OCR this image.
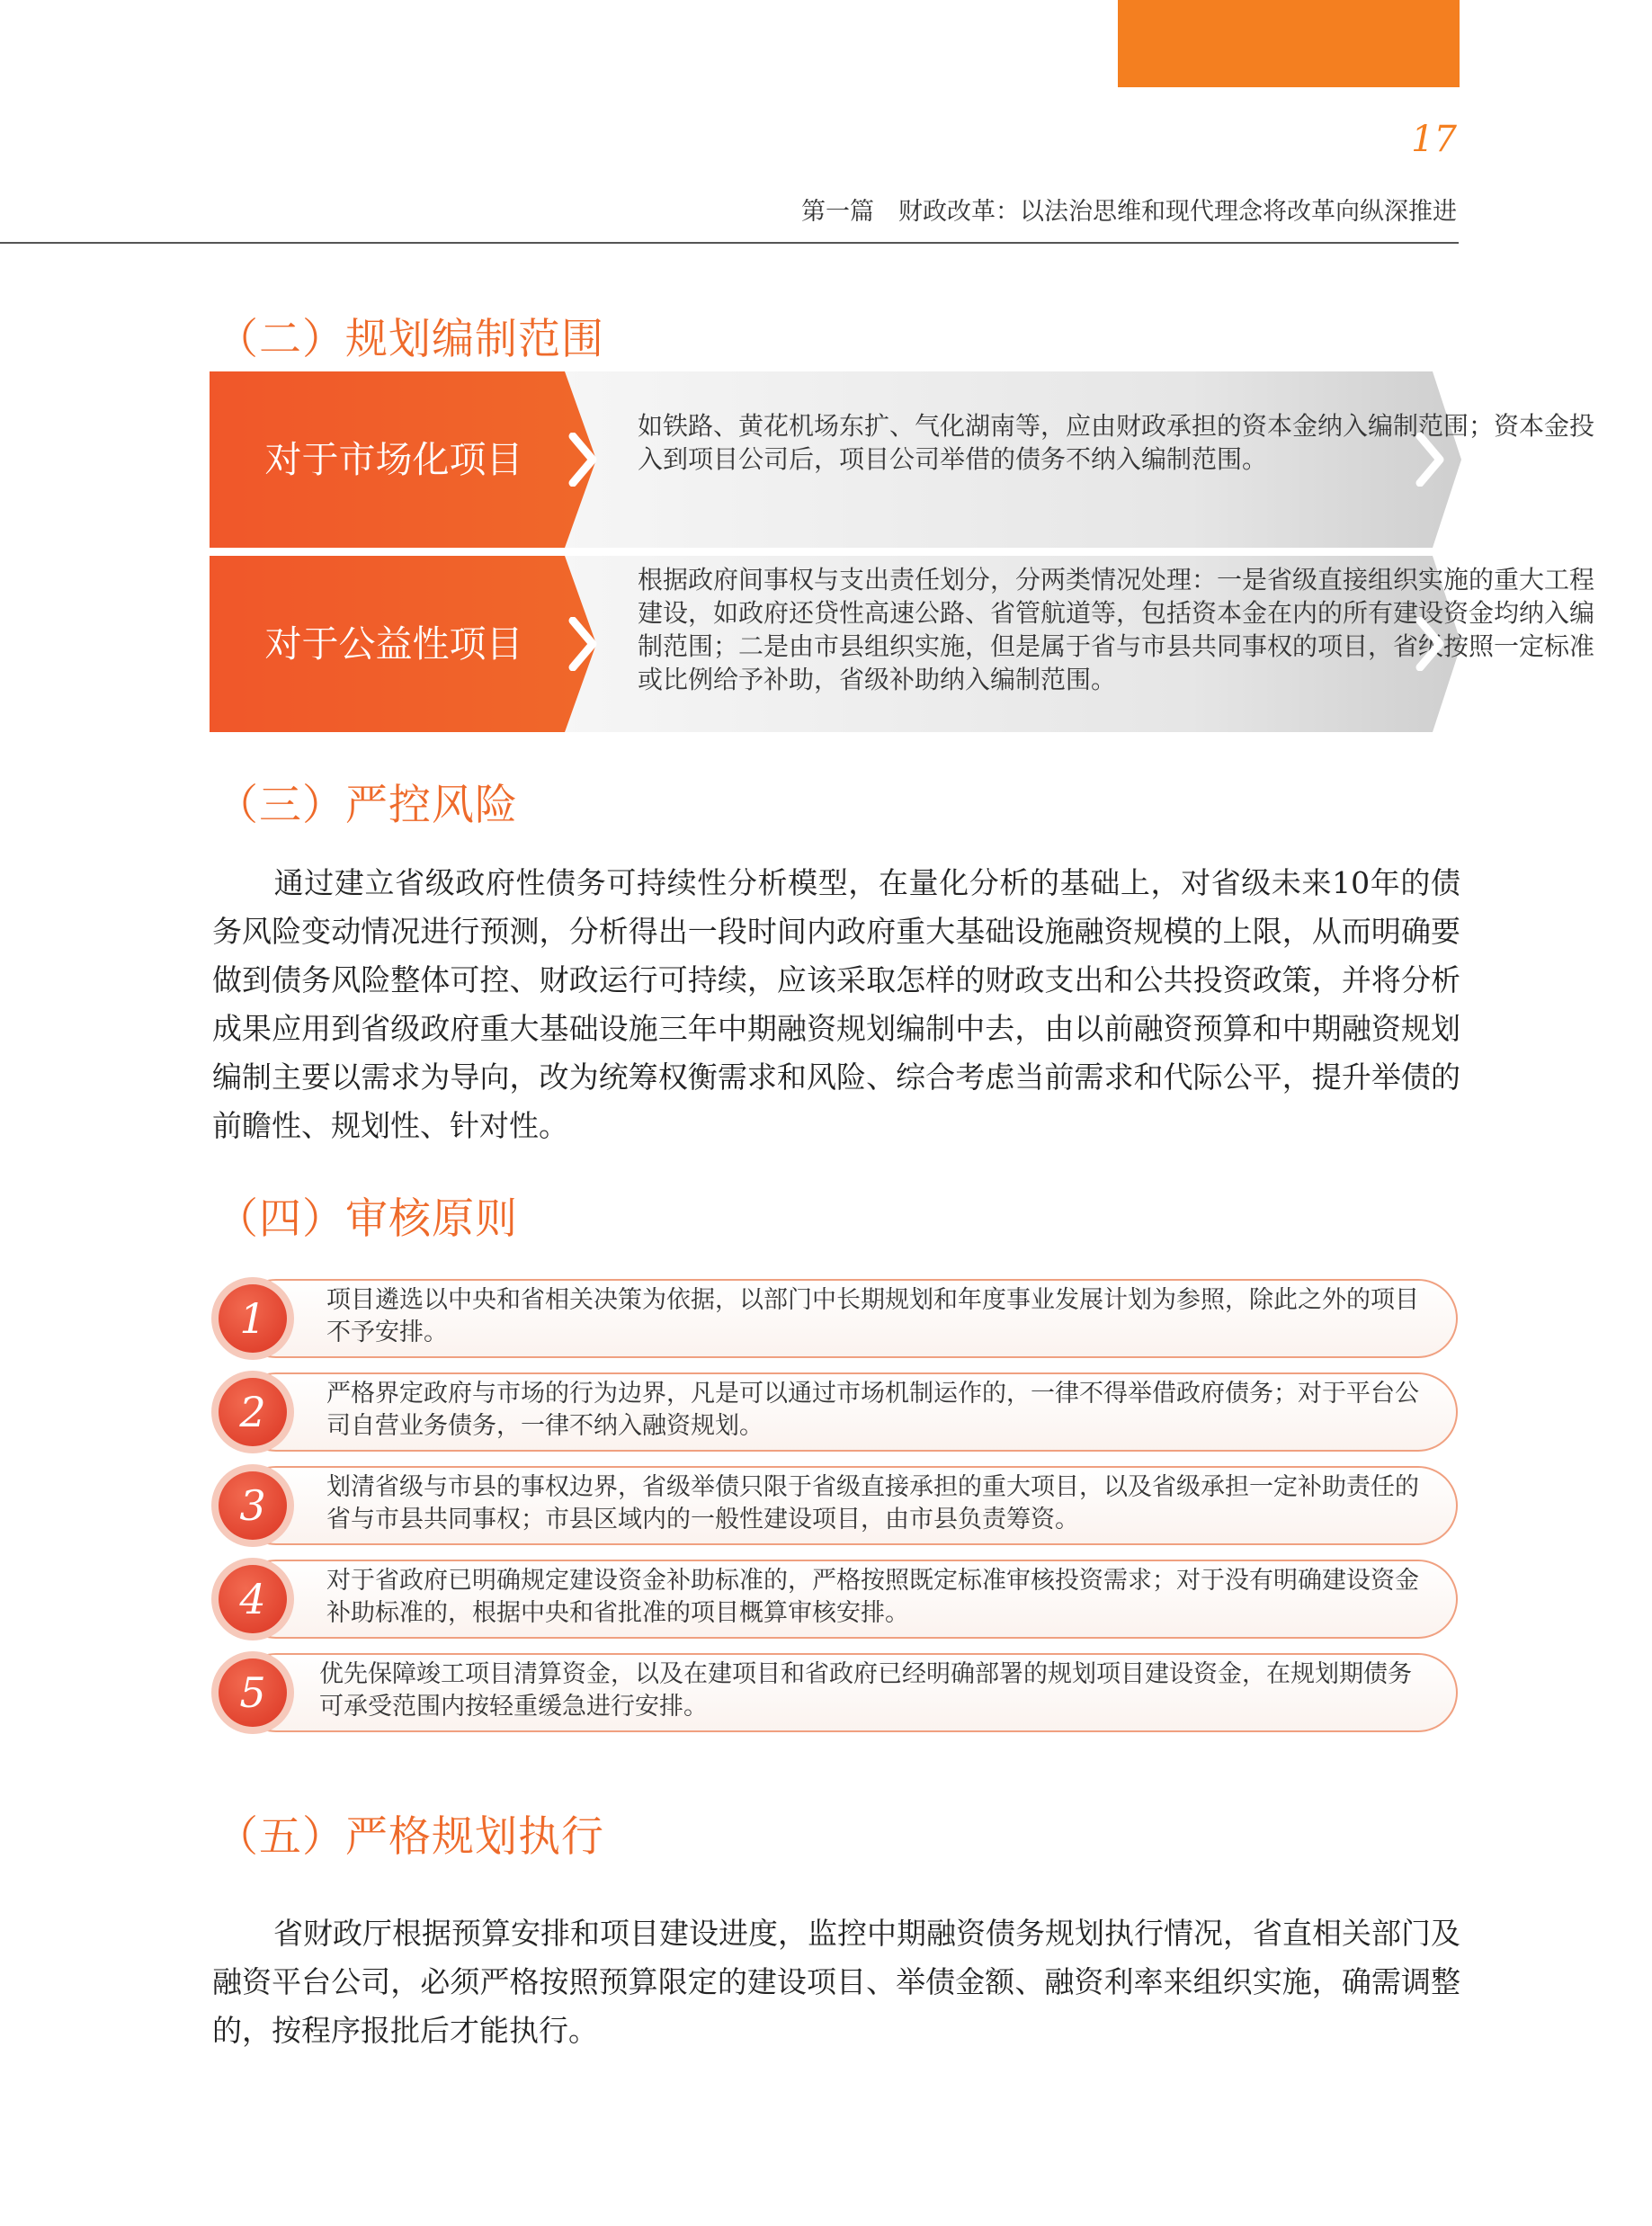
17
第一篇　财政改革：以法治思维和现代理念将改革向纵深推进
（二）规划编制范围
对于市场化项目
如铁路、黄花机场东扩、气化湖南等，应由财政承担的资本金纳入编制范围；资本金投入到项目公司后，项目公司举借的债务不纳入编制范围。
对于公益性项目
根据政府间事权与支出责任划分，分两类情况处理：一是省级直接组织实施的重大工程建设，如政府还贷性高速公路、省管航道等，包括资本金在内的所有建设资金均纳入编制范围；二是由市县组织实施，但是属于省与市县共同事权的项目，省级按照一定标准或比例给予补助，省级补助纳入编制范围。
（三）严控风险
通过建立省级政府性债务可持续性分析模型，在量化分析的基础上，对省级未来10年的债务风险变动情况进行预测，分析得出一段时间内政府重大基础设施融资规模的上限，从而明确要做到债务风险整体可控、财政运行可持续，应该采取怎样的财政支出和公共投资政策，并将分析成果应用到省级政府重大基础设施三年中期融资规划编制中去，由以前融资预算和中期融资规划编制主要以需求为导向，改为统筹权衡需求和风险、综合考虑当前需求和代际公平，提升举债的前瞻性、规划性、针对性。
（四）审核原则
1	项目遴选以中央和省相关决策为依据，以部门中长期规划和年度事业发展计划为参照，除此之外的项目不予安排。
2	严格界定政府与市场的行为边界，凡是可以通过市场机制运作的，一律不得举借政府债务；对于平台公司自营业务债务，一律不纳入融资规划。
3	划清省级与市县的事权边界，省级举债只限于省级直接承担的重大项目，以及省级承担一定补助责任的省与市县共同事权；市县区域内的一般性建设项目，由市县负责筹资。
4	对于省政府已明确规定建设资金补助标准的，严格按照既定标准审核投资需求；对于没有明确建设资金补助标准的，根据中央和省批准的项目概算审核安排。
5	优先保障竣工项目清算资金，以及在建项目和省政府已经明确部署的规划项目建设资金，在规划期债务可承受范围内按轻重缓急进行安排。
（五）严格规划执行
省财政厅根据预算安排和项目建设进度，监控中期融资债务规划执行情况，省直相关部门及融资平台公司，必须严格按照预算限定的建设项目、举债金额、融资利率来组织实施，确需调整的，按程序报批后才能执行。
